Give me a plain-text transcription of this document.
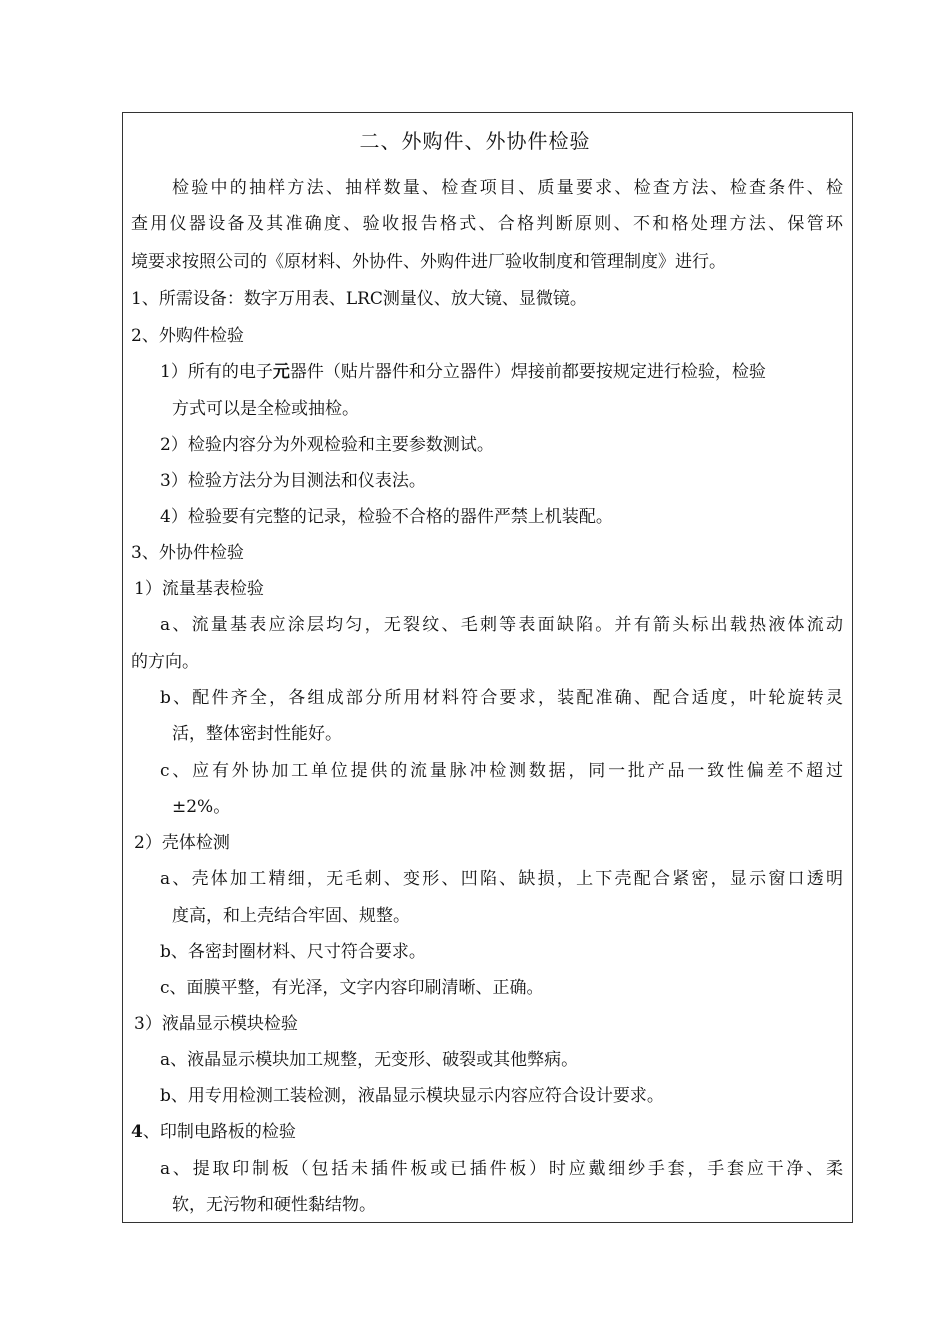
二、外购件、外协件检验
检验中的抽样方法、抽样数量、检查项目、质量要求、检查方法、检查条件、检
查用仪器设备及其准确度、验收报告格式、合格判断原则、不和格处理方法、保管环
境要求按照公司的《原材料、外协件、外购件进厂验收制度和管理制度》进行。
1、所需设备：数字万用表、LRC测量仪、放大镜、显微镜。
2、外购件检验
1）所有的电子元器件（贴片器件和分立器件）焊接前都要按规定进行检验，检验
方式可以是全检或抽检。
2）检验内容分为外观检验和主要参数测试。
3）检验方法分为目测法和仪表法。
4）检验要有完整的记录，检验不合格的器件严禁上机装配。
3、外协件检验
1）流量基表检验
a、流量基表应涂层均匀，无裂纹、毛刺等表面缺陷。并有箭头标出载热液体流动
的方向。
b、配件齐全，各组成部分所用材料符合要求，装配准确、配合适度，叶轮旋转灵
活，整体密封性能好。
c、应有外协加工单位提供的流量脉冲检测数据，同一批产品一致性偏差不超过
±2%。
2）壳体检测
a、壳体加工精细，无毛刺、变形、凹陷、缺损，上下壳配合紧密，显示窗口透明
度高，和上壳结合牢固、规整。
b、各密封圈材料、尺寸符合要求。
c、面膜平整，有光泽，文字内容印刷清晰、正确。
3）液晶显示模块检验
a、液晶显示模块加工规整，无变形、破裂或其他弊病。
b、用专用检测工装检测，液晶显示模块显示内容应符合设计要求。
4、印制电路板的检验
a、提取印制板（包括未插件板或已插件板）时应戴细纱手套，手套应干净、柔
软，无污物和硬性黏结物。
